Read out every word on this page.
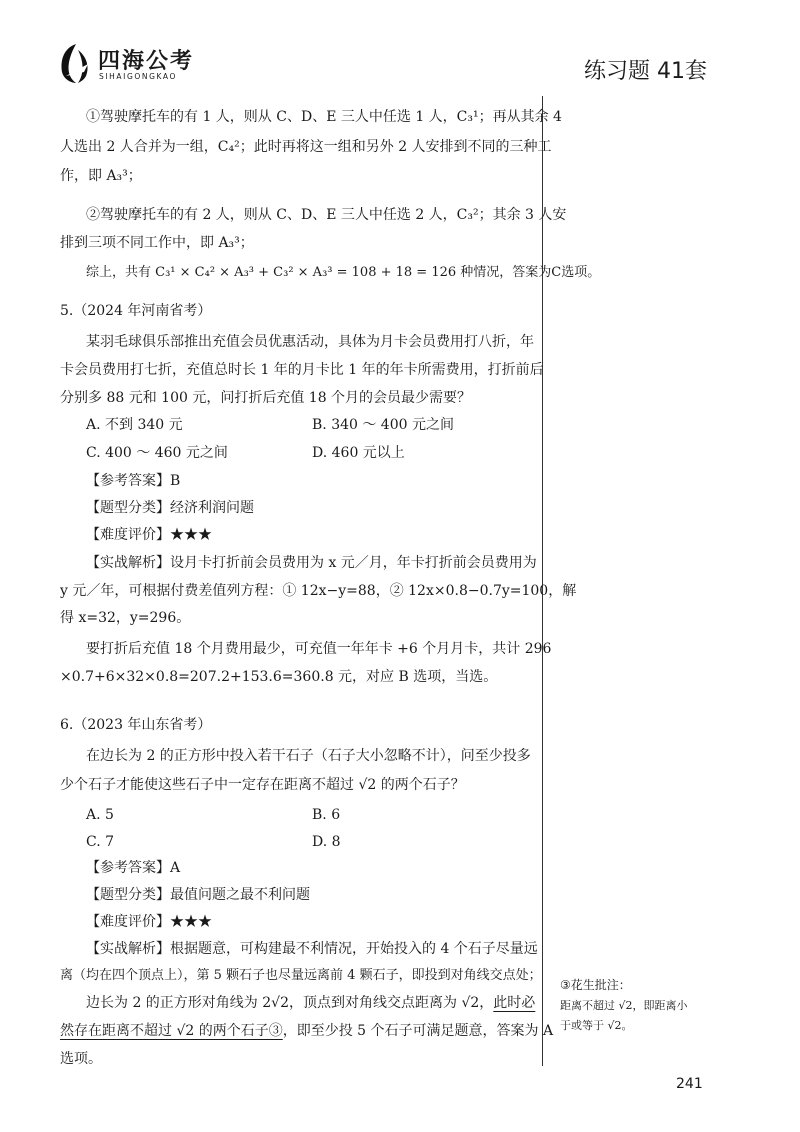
四海公考
SIHAIGONGKAO	练习题 41套
①驾驶摩托车的有 1 人，则从 C、D、E 三人中任选 1 人，C₃¹；再从其余 4
人选出 2 人合并为一组，C₄²；此时再将这一组和另外 2 人安排到不同的三种工
作，即 A₃³；
②驾驶摩托车的有 2 人，则从 C、D、E 三人中任选 2 人，C₃²；其余 3 人安
排到三项不同工作中，即 A₃³；
综上，共有 C₃¹ × C₄² × A₃³ + C₃² × A₃³ = 108 + 18 = 126 种情况，答案为C选项。
5.（2024 年河南省考）
某羽毛球俱乐部推出充值会员优惠活动，具体为月卡会员费用打八折，年
卡会员费用打七折，充值总时长 1 年的月卡比 1 年的年卡所需费用，打折前后
分别多 88 元和 100 元，问打折后充值 18 个月的会员最少需要？
A. 不到 340 元	B. 340 ～ 400 元之间
C. 400 ～ 460 元之间	D. 460 元以上
【参考答案】B
【题型分类】经济利润问题
【难度评价】★★★
【实战解析】设月卡打折前会员费用为 x 元／月，年卡打折前会员费用为
y 元／年，可根据付费差值列方程：① 12x−y=88，② 12x×0.8−0.7y=100，解
得 x=32，y=296。
要打折后充值 18 个月费用最少，可充值一年年卡 +6 个月月卡，共计 296
×0.7+6×32×0.8=207.2+153.6=360.8 元，对应 B 选项，当选。
6.（2023 年山东省考）
在边长为 2 的正方形中投入若干石子（石子大小忽略不计），问至少投多
少个石子才能使这些石子中一定存在距离不超过 √2 的两个石子？
A. 5	B. 6
C. 7	D. 8
【参考答案】A
【题型分类】最值问题之最不利问题
【难度评价】★★★
【实战解析】根据题意，可构建最不利情况，开始投入的 4 个石子尽量远
离（均在四个顶点上），第 5 颗石子也尽量远离前 4 颗石子，即投到对角线交点处；
边长为 2 的正方形对角线为 2√2，顶点到对角线交点距离为 √2，此时必
然存在距离不超过 √2 的两个石子③，即至少投 5 个石子可满足题意，答案为 A
选项。
③花生批注：
距离不超过 √2，即距离小
于或等于 √2。
241
